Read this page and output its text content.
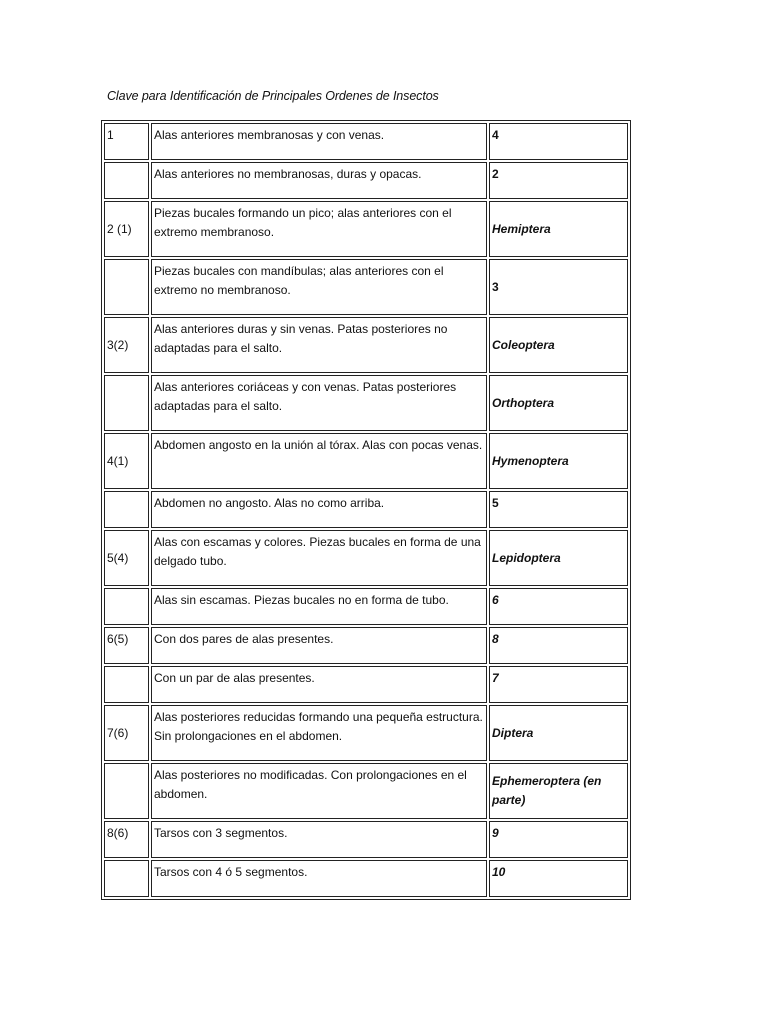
Clave para Identificación de Principales Ordenes de Insectos
1	Alas anteriores membranosas y con venas.	4
	Alas anteriores no membranosas, duras y opacas.	2
2 (1)	Piezas bucales formando un pico; alas anteriores con el extremo membranoso.	Hemiptera
	Piezas bucales con mandíbulas; alas anteriores con el extremo no membranoso.	3
3(2)	Alas anteriores duras y sin venas. Patas posteriores no adaptadas para el salto.	Coleoptera
	Alas anteriores coriáceas y con venas. Patas posteriores adaptadas para el salto.	Orthoptera
4(1)	Abdomen angosto en la unión al tórax. Alas con pocas venas.	Hymenoptera
	Abdomen no angosto. Alas no como arriba.	5
5(4)	Alas con escamas y colores. Piezas bucales en forma de una delgado tubo.	Lepidoptera
	Alas sin escamas. Piezas bucales no en forma de tubo.	6
6(5)	Con dos pares de alas presentes.	8
	Con un par de alas presentes.	7
7(6)	Alas posteriores reducidas formando una pequeña estructura. Sin prolongaciones en el abdomen.	Diptera
	Alas posteriores no modificadas. Con prolongaciones en el abdomen.	Ephemeroptera (en parte)
8(6)	Tarsos con 3 segmentos.	9
	Tarsos con 4 ó 5 segmentos.	10
